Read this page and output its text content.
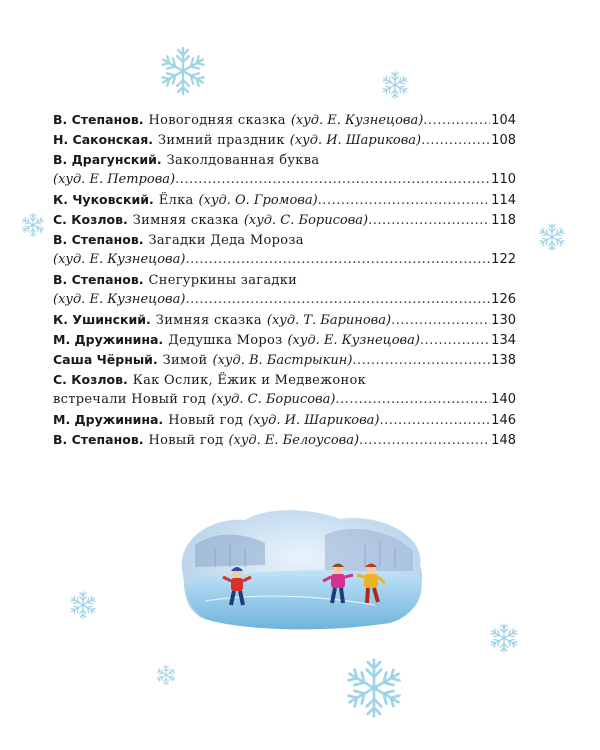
В. Степанов. Новогодняя сказка (худ. Е. Кузнецова) .....	104
Н. Саконская. Зимний праздник (худ. И. Шарикова) .....	108
В. Драгунский. Заколдованная буква
(худ. Е. Петрова) .....	110
К. Чуковский. Ёлка (худ. О. Громова) .....	114
С. Козлов. Зимняя сказка (худ. С. Борисова) .....	118
В. Степанов. Загадки Деда Мороза
(худ. Е. Кузнецова) .....	122
В. Степанов. Снегуркины загадки
(худ. Е. Кузнецова) .....	126
К. Ушинский. Зимняя сказка (худ. Т. Баринова) .....	130
М. Дружинина. Дедушка Мороз (худ. Е. Кузнецова) .....	134
Саша Чёрный. Зимой (худ. В. Бастрыкин) .....	138
С. Козлов. Как Ослик, Ёжик и Медвежонок
встречали Новый год (худ. С. Борисова) .....	140
М. Дружинина. Новый год (худ. И. Шарикова) .....	146
В. Степанов. Новый год (худ. Е. Белоусова) .....	148
